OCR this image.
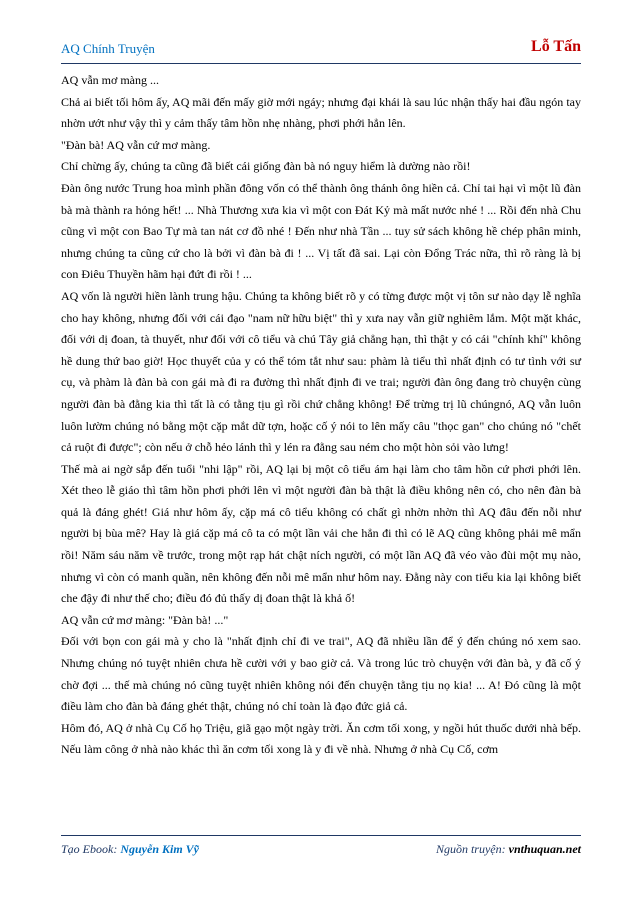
AQ Chính Truyện	Lỗ Tấn

AQ vẫn mơ màng ...

Chả ai biết tối hôm ấy, AQ mãi đến mấy giờ mới ngáy; nhưng đại khái là sau lúc nhận thấy hai đầu ngón tay nhờn ướt như vậy thì y cảm thấy tâm hồn nhẹ nhàng, phơi phới hẳn lên.

"Đàn bà! AQ vẫn cứ mơ màng.

Chỉ chừng ấy, chúng ta cũng đã biết cái giống đàn bà nó nguy hiểm là dường nào rồi!

Đàn ông nước Trung hoa mình phần đông vốn có thể thành ông thánh ông hiền cả. Chỉ tai hại vì một lũ đàn bà mà thành ra hỏng hết! ... Nhà Thương xưa kia vì một con Đát Kỷ mà mất nước nhé ! ... Rồi đến nhà Chu cũng vì một con Bao Tự mà tan nát cơ đồ nhé ! Đến như nhà Tần ... tuy sử sách không hề chép phân minh, nhưng chúng ta cũng cứ cho là bởi vì đàn bà đi ! ... Vị tất đã sai. Lại còn Đổng Trác nữa, thì rõ ràng là bị con Điêu Thuyền hãm hại đứt đi rồi ! ...

AQ vốn là người hiền lành trung hậu. Chúng ta không biết rõ y có từng được một vị tôn sư nào dạy lễ nghĩa cho hay không, nhưng đối với cái đạo "nam nữ hữu biệt" thì y xưa nay vẫn giữ nghiêm lắm. Một mặt khác, đối với dị đoan, tà thuyết, như đối với cô tiểu và chú Tây giả chẳng hạn, thì thật y có cái "chính khí" không hề dung thứ bao giờ! Học thuyết của y có thể tóm tắt như sau: phàm là tiểu thì nhất định có tư tình với sư cụ, và phàm là đàn bà con gái mà đi ra đường thì nhất định đi ve trai; người đàn ông đang trò chuyện cùng người đàn bà đằng kia thì tất là có tằng tịu gì rồi chứ chẳng không! Để trừng trị lũ chúngnó, AQ vẫn luôn luôn lườm chúng nó bằng một cặp mắt dữ tợn, hoặc cố ý nói to lên mấy câu "thọc gan" cho chúng nó "chết cả ruột đi được"; còn nếu ở chỗ hẻo lánh thì y lén ra đằng sau ném cho một hòn sỏi vào lưng!

Thế mà ai ngờ sắp đến tuổi "nhi lập" rồi, AQ lại bị một cô tiểu ám hại làm cho tâm hồn cứ phơi phới lên. Xét theo lễ giáo thì tâm hồn phơi phới lên vì một người đàn bà thật là điều không nên có, cho nên đàn bà quả là đáng ghét! Giá như hôm ấy, cặp má cô tiểu không có chất gì nhờn nhờn thì AQ đâu đến nỗi như người bị bùa mê? Hay là giá cặp má cô ta có một lần vải che hẳn đi thì có lẽ AQ cũng không phải mê mẩn rồi! Năm sáu năm về trước, trong một rạp hát chật ních người, có một lần AQ đã véo vào đùi một mụ nào, nhưng vì còn có manh quần, nên không đến nỗi mê mẩn như hôm nay. Đằng này con tiểu kia lại không biết che đậy đi như thế cho; điều đó đủ thấy dị đoan thật là khả ố!

AQ vẫn cứ mơ màng: "Đàn bà! ..."

Đối với bọn con gái mà y cho là "nhất định chỉ đi ve trai", AQ đã nhiều lần để ý đến chúng nó xem sao. Nhưng chúng nó tuyệt nhiên chưa hề cười với y bao giờ cả. Và trong lúc trò chuyện với đàn bà, y đã cố ý chờ đợi ... thế mà chúng nó cũng tuyệt nhiên không nói đến chuyện tằng tịu nọ kia! ... A! Đó cũng là một điều làm cho đàn bà đáng ghét thật, chúng nó chỉ toàn là đạo đức giả cả.

Hôm đó, AQ ở nhà Cụ Cố họ Triệu, giã gạo một ngày trời. Ăn cơm tối xong, y ngồi hút thuốc dưới nhà bếp. Nếu làm công ở nhà nào khác thì ăn cơm tối xong là y đi về nhà. Nhưng ở nhà Cụ Cố, cơm

Tạo Ebook: Nguyễn Kim Vỹ	Nguồn truyện: vnthuquan.net
